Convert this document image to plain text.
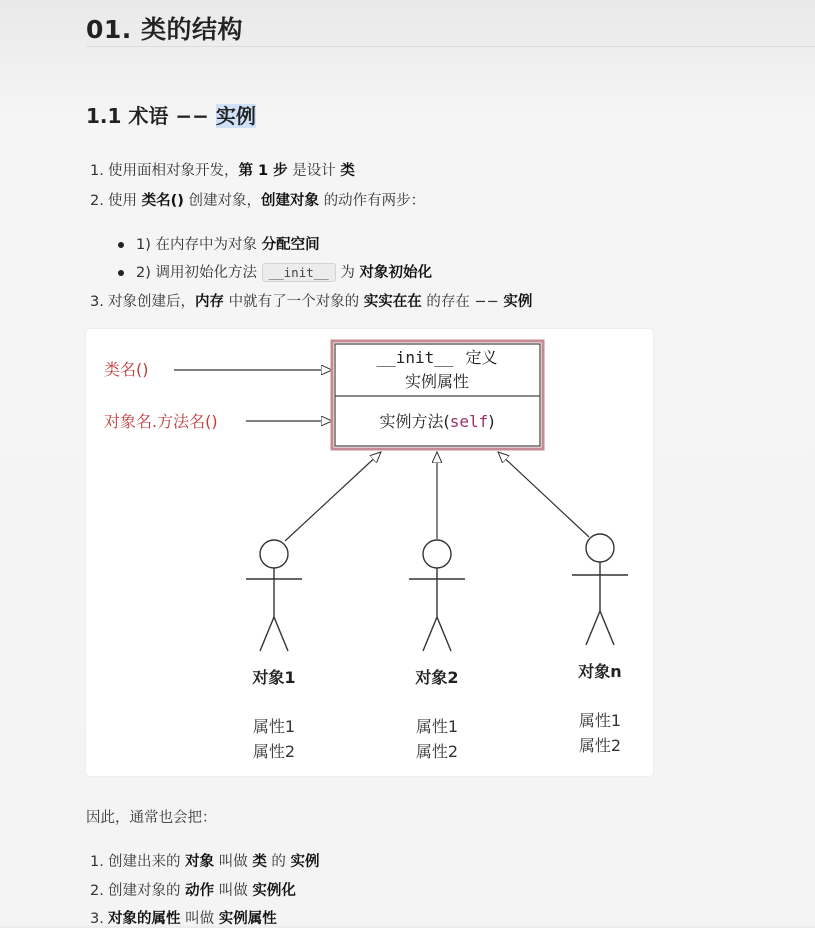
01. 类的结构
1.1 术语 −− 实例
1. 使用面相对象开发，第 1 步 是设计 类
2. 使用 类名() 创建对象，创建对象 的动作有两步：
1) 在内存中为对象 分配空间
2) 调用初始化方法 __init__ 为 对象初始化
3. 对象创建后，内存 中就有了一个对象的 实实在在 的存在 −− 实例
类名()
对象名.方法名()
__init__ 定义
实例属性
实例方法(self)
对象1
属性1
属性2
对象2
属性1
属性2
对象n
属性1
属性2
因此，通常也会把：
1. 创建出来的 对象 叫做 类 的 实例
2. 创建对象的 动作 叫做 实例化
3. 对象的属性 叫做 实例属性
